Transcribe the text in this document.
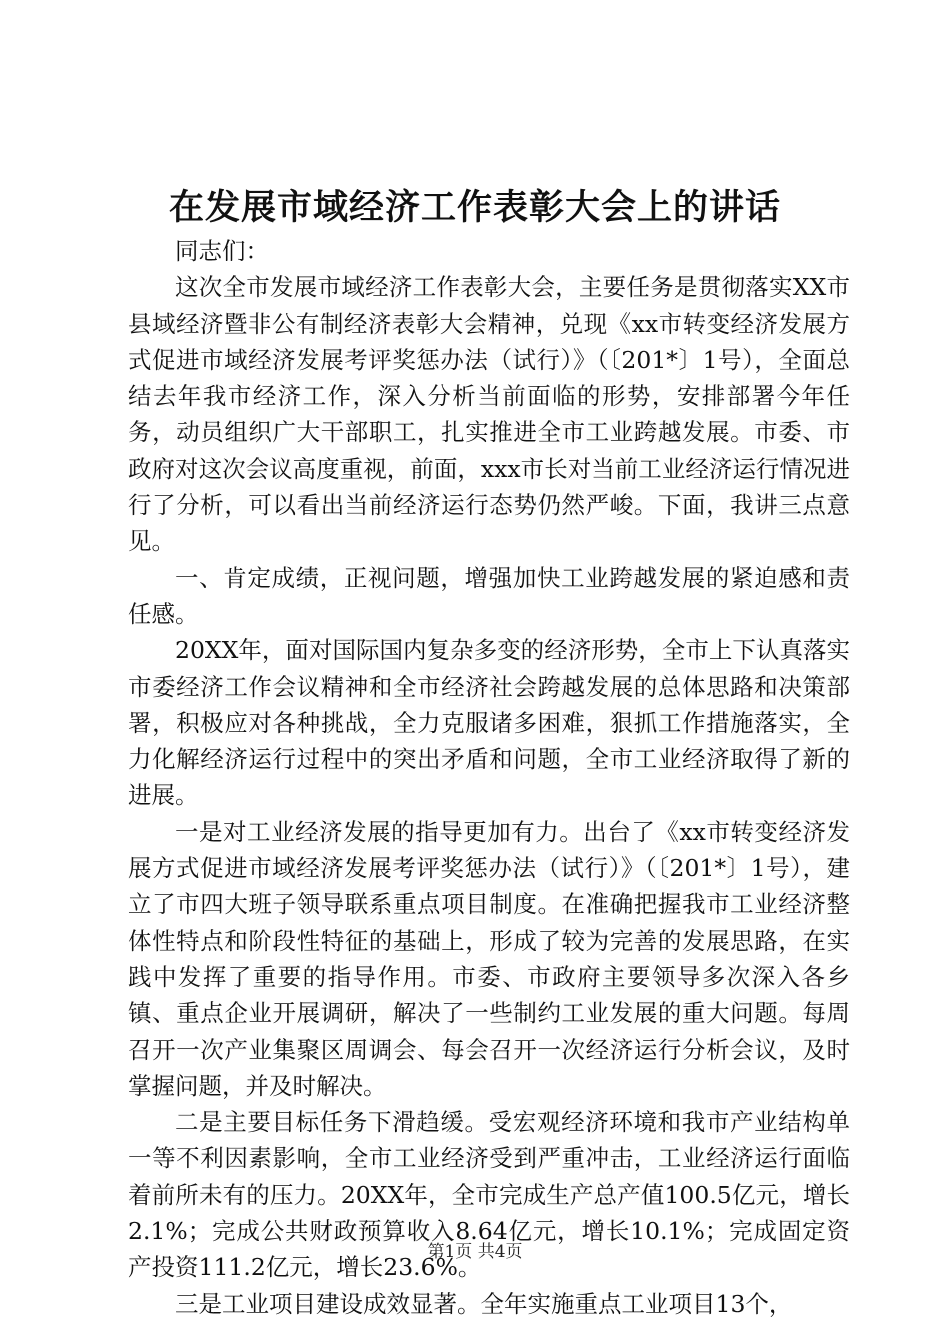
在发展市域经济工作表彰大会上的讲话

同志们：

这次全市发展市域经济工作表彰大会，主要任务是贯彻落实XX市县域经济暨非公有制经济表彰大会精神，兑现《xx市转变经济发展方式促进市域经济发展考评奖惩办法（试行）》（〔201*〕1号），全面总结去年我市经济工作，深入分析当前面临的形势，安排部署今年任务，动员组织广大干部职工，扎实推进全市工业跨越发展。市委、市政府对这次会议高度重视，前面，xxx市长对当前工业经济运行情况进行了分析，可以看出当前经济运行态势仍然严峻。下面，我讲三点意见。

一、肯定成绩，正视问题，增强加快工业跨越发展的紧迫感和责任感。

20XX年，面对国际国内复杂多变的经济形势，全市上下认真落实市委经济工作会议精神和全市经济社会跨越发展的总体思路和决策部署，积极应对各种挑战，全力克服诸多困难，狠抓工作措施落实，全力化解经济运行过程中的突出矛盾和问题，全市工业经济取得了新的进展。

一是对工业经济发展的指导更加有力。出台了《xx市转变经济发展方式促进市域经济发展考评奖惩办法（试行）》（〔201*〕1号），建立了市四大班子领导联系重点项目制度。在准确把握我市工业经济整体性特点和阶段性特征的基础上，形成了较为完善的发展思路，在实践中发挥了重要的指导作用。市委、市政府主要领导多次深入各乡镇、重点企业开展调研，解决了一些制约工业发展的重大问题。每周召开一次产业集聚区周调会、每会召开一次经济运行分析会议，及时掌握问题，并及时解决。

二是主要目标任务下滑趋缓。受宏观经济环境和我市产业结构单一等不利因素影响，全市工业经济受到严重冲击，工业经济运行面临着前所未有的压力。20XX年，全市完成生产总产值100.5亿元，增长2.1%；完成公共财政预算收入8.64亿元，增长10.1%；完成固定资产投资111.2亿元，增长23.6%。

三是工业项目建设成效显著。全年实施重点工业项目13个，

第1页 共4页
